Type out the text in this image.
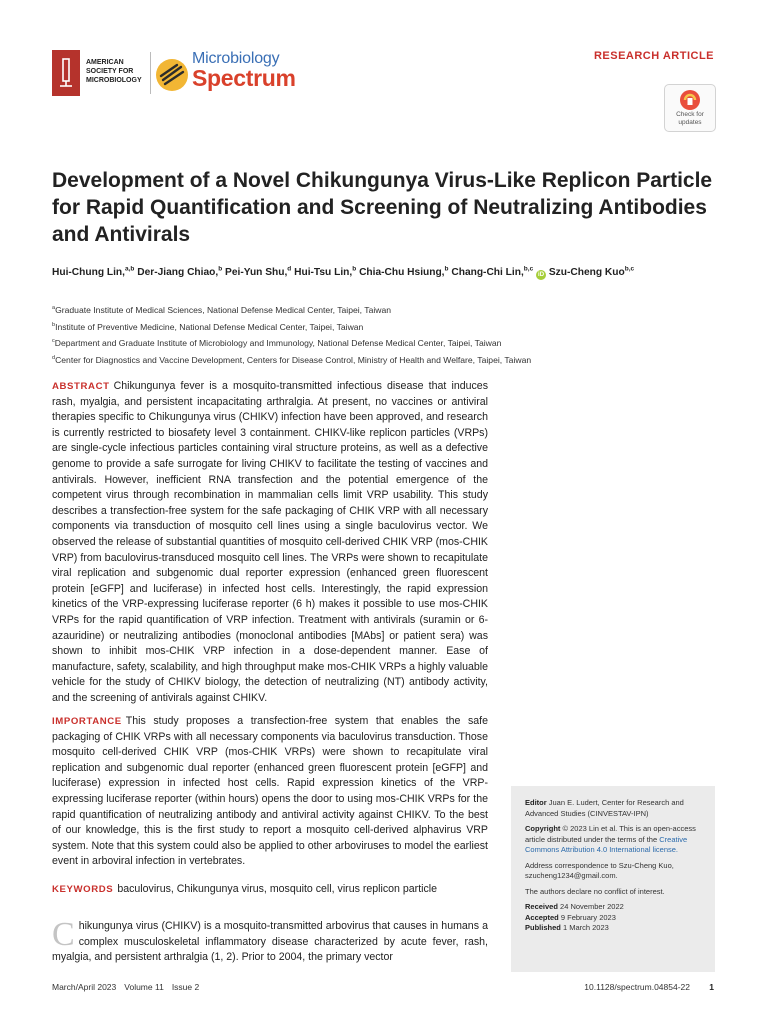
AMERICAN SOCIETY FOR MICROBIOLOGY
Microbiology
Spectrum
RESEARCH ARTICLE
Check for updates
Development of a Novel Chikungunya Virus-Like Replicon Particle for Rapid Quantification and Screening of Neutralizing Antibodies and Antivirals
Hui-Chung Lin,$^{a,b}$ Der-Jiang Chiao,$^b$ Pei-Yun Shu,$^d$ Hui-Tsu Lin,$^b$ Chia-Chu Hsiung,$^b$ Chang-Chi Lin,$^{b,c}$ iD Szu-Cheng Kuo$^{b,c}$
$^a$Graduate Institute of Medical Sciences, National Defense Medical Center, Taipei, Taiwan
$^b$Institute of Preventive Medicine, National Defense Medical Center, Taipei, Taiwan
$^c$Department and Graduate Institute of Microbiology and Immunology, National Defense Medical Center, Taipei, Taiwan
$^d$Center for Diagnostics and Vaccine Development, Centers for Disease Control, Ministry of Health and Welfare, Taipei, Taiwan
ABSTRACT Chikungunya fever is a mosquito-transmitted infectious disease that induces rash, myalgia, and persistent incapacitating arthralgia. At present, no vaccines or antiviral therapies specific to Chikungunya virus (CHIKV) infection have been approved, and research is currently restricted to biosafety level 3 containment. CHIKV-like replicon particles (VRPs) are single-cycle infectious particles containing viral structure proteins, as well as a defective genome to provide a safe surrogate for living CHIKV to facilitate the testing of vaccines and antivirals. However, inefficient RNA transfection and the potential emergence of the competent virus through recombination in mammalian cells limit VRP usability. This study describes a transfection-free system for the safe packaging of CHIK VRP with all necessary components via transduction of mosquito cell lines using a single baculovirus vector. We observed the release of substantial quantities of mosquito cell-derived CHIK VRP (mos-CHIK VRP) from baculovirus-transduced mosquito cell lines. The VRPs were shown to recapitulate viral replication and subgenomic dual reporter expression (enhanced green fluorescent protein [eGFP] and luciferase) in infected host cells. Interestingly, the rapid expression kinetics of the VRP-expressing luciferase reporter (6 h) makes it possible to use mos-CHIK VRPs for the rapid quantification of VRP infection. Treatment with antivirals (suramin or 6-azauridine) or neutralizing antibodies (monoclonal antibodies [MAbs] or patient sera) was shown to inhibit mos-CHIK VRP infection in a dose-dependent manner. Ease of manufacture, safety, scalability, and high throughput make mos-CHIK VRPs a highly valuable vehicle for the study of CHIKV biology, the detection of neutralizing (NT) antibody activity, and the screening of antivirals against CHIKV.
IMPORTANCE This study proposes a transfection-free system that enables the safe packaging of CHIK VRPs with all necessary components via baculovirus transduction. Those mosquito cell-derived CHIK VRP (mos-CHIK VRPs) were shown to recapitulate viral replication and subgenomic dual reporter (enhanced green fluorescent protein [eGFP] and luciferase) expression in infected host cells. Rapid expression kinetics of the VRP-expressing luciferase reporter (within hours) opens the door to using mos-CHIK VRPs for the rapid quantification of neutralizing antibody and antiviral activity against CHIKV. To the best of our knowledge, this is the first study to report a mosquito cell-derived alphavirus VRP system. Note that this system could also be applied to other arboviruses to model the earliest event in arboviral infection in vertebrates.
KEYWORDS baculovirus, Chikungunya virus, mosquito cell, virus replicon particle
Chikungunya virus (CHIKV) is a mosquito-transmitted arbovirus that causes in humans a complex musculoskeletal inflammatory disease characterized by acute fever, rash, myalgia, and persistent arthralgia (1, 2). Prior to 2004, the primary vector

Editor Juan E. Ludert, Center for Research and Advanced Studies (CINVESTAV-IPN)

Copyright © 2023 Lin et al. This is an open-access article distributed under the terms of the Creative Commons Attribution 4.0 International license.

Address correspondence to Szu-Cheng Kuo, szucheng1234@gmail.com.

The authors declare no conflict of interest.

Received 24 November 2022
Accepted 9 February 2023
Published 1 March 2023
March/April 2023 Volume 11 Issue 2	10.1128/spectrum.04854-22 1
